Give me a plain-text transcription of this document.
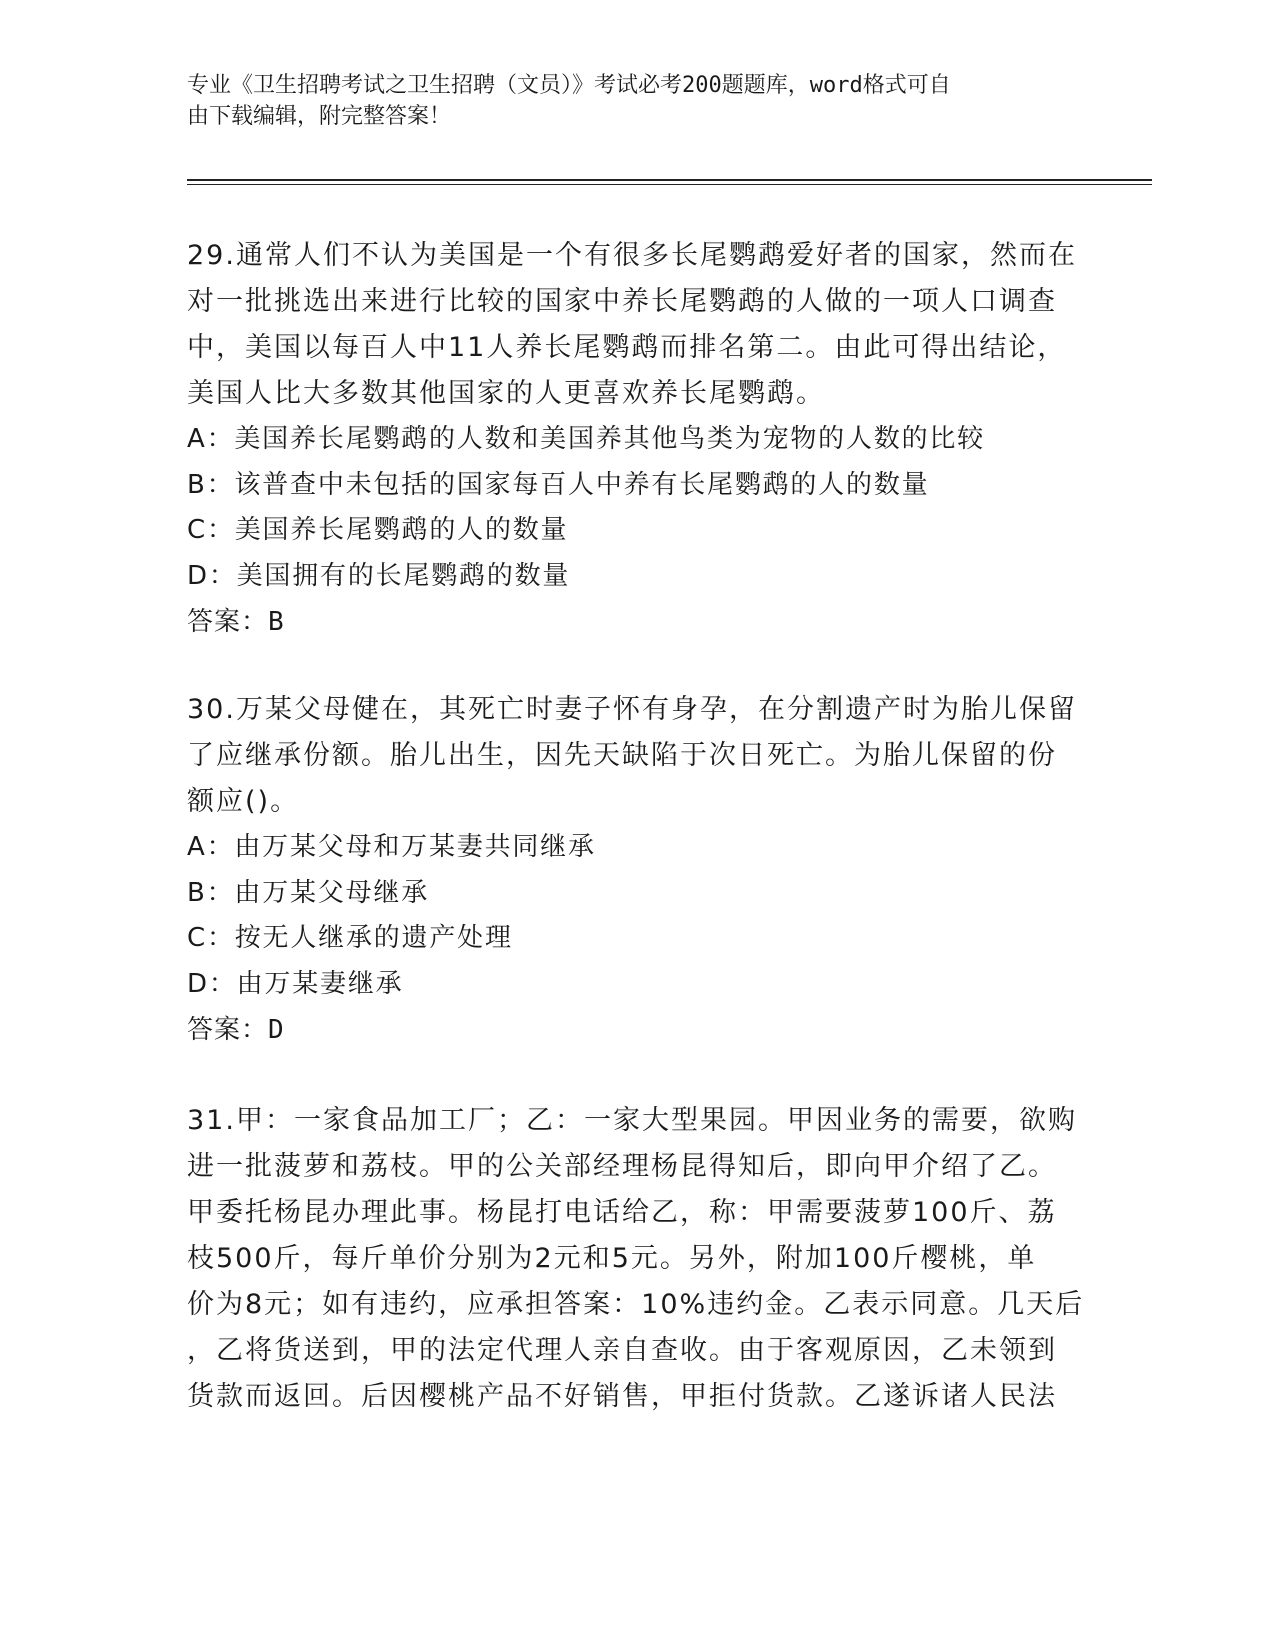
专业《卫生招聘考试之卫生招聘（文员）》考试必考200题题库，word格式可自
由下载编辑，附完整答案！

29.通常人们不认为美国是一个有很多长尾鹦鹉爱好者的国家，然而在

对一批挑选出来进行比较的国家中养长尾鹦鹉的人做的一项人口调查

中，美国以每百人中11人养长尾鹦鹉而排名第二。由此可得出结论，

美国人比大多数其他国家的人更喜欢养长尾鹦鹉。

A：美国养长尾鹦鹉的人数和美国养其他鸟类为宠物的人数的比较

B：该普查中未包括的国家每百人中养有长尾鹦鹉的人的数量

C：美国养长尾鹦鹉的人的数量

D：美国拥有的长尾鹦鹉的数量

答案：B

30.万某父母健在，其死亡时妻子怀有身孕，在分割遗产时为胎儿保留

了应继承份额。胎儿出生，因先天缺陷于次日死亡。为胎儿保留的份

额应()。

A：由万某父母和万某妻共同继承

B：由万某父母继承

C：按无人继承的遗产处理

D：由万某妻继承

答案：D

31.甲：一家食品加工厂；乙：一家大型果园。甲因业务的需要，欲购

进一批菠萝和荔枝。甲的公关部经理杨昆得知后，即向甲介绍了乙。

甲委托杨昆办理此事。杨昆打电话给乙，称：甲需要菠萝100斤、荔

枝500斤，每斤单价分别为2元和5元。另外，附加100斤樱桃，单

价为8元；如有违约，应承担答案：10%违约金。乙表示同意。几天后

，乙将货送到，甲的法定代理人亲自查收。由于客观原因，乙未领到

货款而返回。后因樱桃产品不好销售，甲拒付货款。乙遂诉诸人民法
